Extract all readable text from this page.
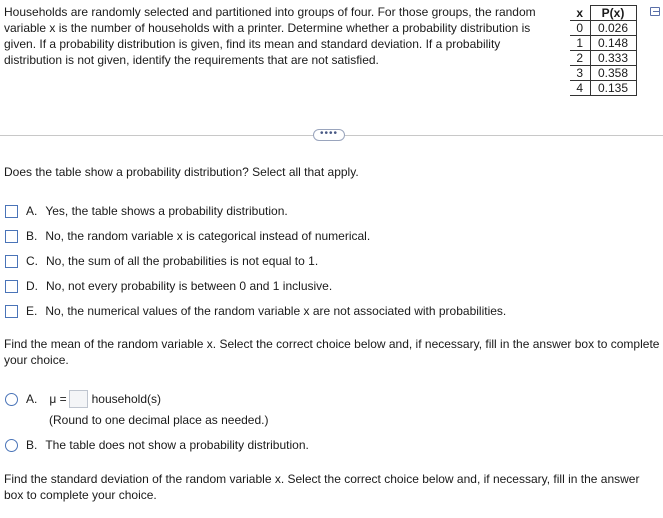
Households are randomly selected and partitioned into groups of four. For those groups, the random variable x is the number of households with a printer. Determine whether a probability distribution is given. If a probability distribution is given, find its mean and standard deviation. If a probability distribution is not given, identify the requirements that are not satisfied.
x	P(x)
0	0.026
1	0.148
2	0.333
3	0.358
4	0.135
••••
Does the table show a probability distribution? Select all that apply.
A. Yes, the table shows a probability distribution.
B. No, the random variable x is categorical instead of numerical.
C. No, the sum of all the probabilities is not equal to 1.
D. No, not every probability is between 0 and 1 inclusive.
E. No, the numerical values of the random variable x are not associated with probabilities.
Find the mean of the random variable x. Select the correct choice below and, if necessary, fill in the answer box to complete your choice.
A. μ = household(s)
(Round to one decimal place as needed.)
B. The table does not show a probability distribution.
Find the standard deviation of the random variable x. Select the correct choice below and, if necessary, fill in the answer box to complete your choice.
